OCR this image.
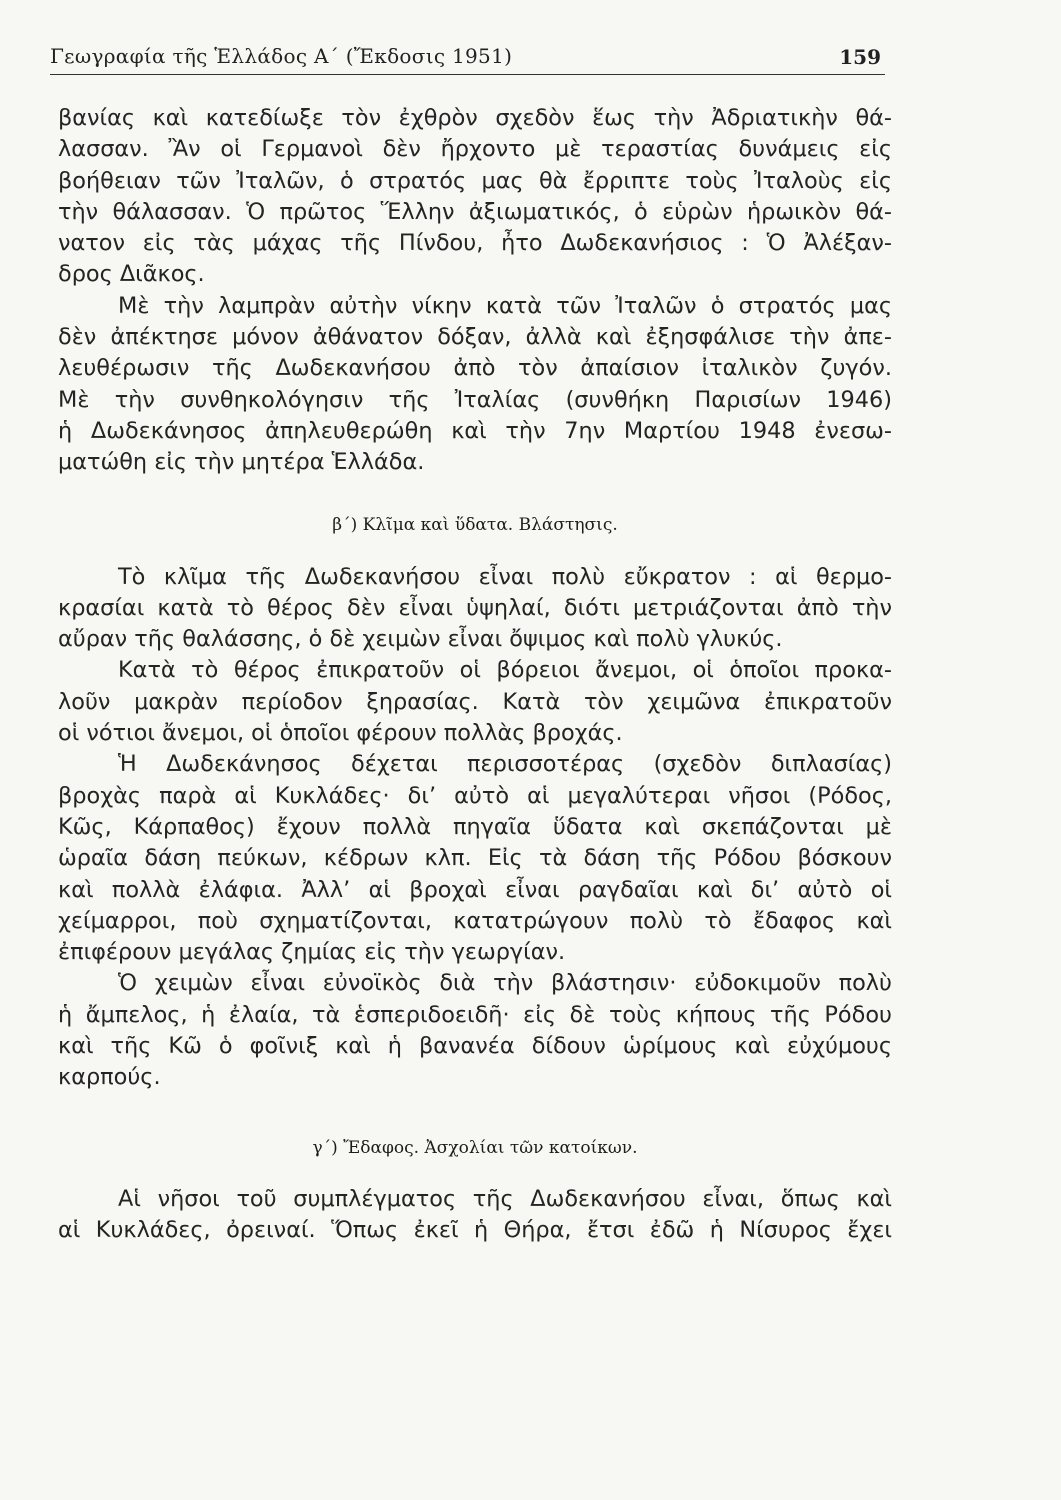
Γεωγραφία τῆς Ἑλλάδος Α΄ (Ἔκδοσις 1951)	159
βανίας καὶ κατεδίωξε τὸν ἐχθρὸν σχεδὸν ἕως τὴν Ἀδριατικὴν θά-
λασσαν. Ἂν οἱ Γερμανοὶ δὲν ἤρχοντο μὲ τεραστίας δυνάμεις εἰς
βοήθειαν τῶν Ἰταλῶν, ὁ στρατός μας θὰ ἔρριπτε τοὺς Ἰταλοὺς εἰς
τὴν θάλασσαν. Ὁ πρῶτος Ἕλλην ἀξιωματικός, ὁ εὑρὼν ἡρωικὸν θά-
νατον εἰς τὰς μάχας τῆς Πίνδου, ἦτο Δωδεκανήσιος : Ὁ Ἀλέξαν-
δρος Διᾶκος.
Μὲ τὴν λαμπρὰν αὐτὴν νίκην κατὰ τῶν Ἰταλῶν ὁ στρατός μας
δὲν ἀπέκτησε μόνον ἀθάνατον δόξαν, ἀλλὰ καὶ ἐξησφάλισε τὴν ἀπε-
λευθέρωσιν τῆς Δωδεκανήσου ἀπὸ τὸν ἀπαίσιον ἰταλικὸν ζυγόν.
Μὲ τὴν συνθηκολόγησιν τῆς Ἰταλίας (συνθήκη Παρισίων 1946)
ἡ Δωδεκάνησος ἀπηλευθερώθη καὶ τὴν 7ην Μαρτίου 1948 ἐνεσω-
ματώθη εἰς τὴν μητέρα Ἑλλάδα.
β΄) Κλῖμα καὶ ὕδατα. Βλάστησις.
Τὸ κλῖμα τῆς Δωδεκανήσου εἶναι πολὺ εὔκρατον : αἱ θερμο-
κρασίαι κατὰ τὸ θέρος δὲν εἶναι ὑψηλαί, διότι μετριάζονται ἀπὸ τὴν
αὔραν τῆς θαλάσσης, ὁ δὲ χειμὼν εἶναι ὄψιμος καὶ πολὺ γλυκύς.
Κατὰ τὸ θέρος ἐπικρατοῦν οἱ βόρειοι ἄνεμοι, οἱ ὁποῖοι προκα-
λοῦν μακρὰν περίοδον ξηρασίας. Κατὰ τὸν χειμῶνα ἐπικρατοῦν
οἱ νότιοι ἄνεμοι, οἱ ὁποῖοι φέρουν πολλὰς βροχάς.
Ἡ Δωδεκάνησος δέχεται περισσοτέρας (σχεδὸν διπλασίας)
βροχὰς παρὰ αἱ Κυκλάδες· δι’ αὐτὸ αἱ μεγαλύτεραι νῆσοι (Ρόδος,
Κῶς, Κάρπαθος) ἔχουν πολλὰ πηγαῖα ὕδατα καὶ σκεπάζονται μὲ
ὡραῖα δάση πεύκων, κέδρων κλπ. Εἰς τὰ δάση τῆς Ρόδου βόσκουν
καὶ πολλὰ ἐλάφια. Ἀλλ’ αἱ βροχαὶ εἶναι ραγδαῖαι καὶ δι’ αὐτὸ οἱ
χείμαρροι, ποὺ σχηματίζονται, κατατρώγουν πολὺ τὸ ἔδαφος καὶ
ἐπιφέρουν μεγάλας ζημίας εἰς τὴν γεωργίαν.
Ὁ χειμὼν εἶναι εὐνοϊκὸς διὰ τὴν βλάστησιν· εὐδοκιμοῦν πολὺ
ἡ ἄμπελος, ἡ ἐλαία, τὰ ἑσπεριδοειδῆ· εἰς δὲ τοὺς κήπους τῆς Ρόδου
καὶ τῆς Κῶ ὁ φοῖνιξ καὶ ἡ βανανέα δίδουν ὡρίμους καὶ εὐχύμους
καρπούς.
γ΄) Ἔδαφος. Ἀσχολίαι τῶν κατοίκων.
Αἱ νῆσοι τοῦ συμπλέγματος τῆς Δωδεκανήσου εἶναι, ὅπως καὶ
αἱ Κυκλάδες, ὀρειναί. Ὅπως ἐκεῖ ἡ Θήρα, ἔτσι ἐδῶ ἡ Νίσυρος ἔχει
